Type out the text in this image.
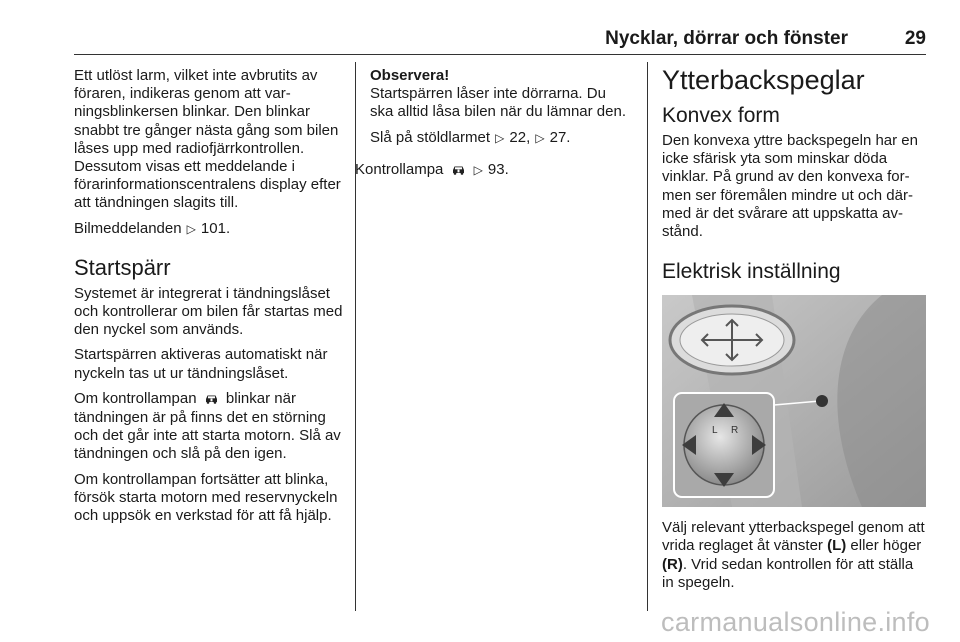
Nycklar, dörrar och fönster	29

Ett utlöst larm, vilket inte avbrutits av föraren, indikeras genom att varningsblinkersen blinkar. Den blinkar snabbt tre gånger nästa gång som bilen låses upp med radiofjärrkontrollen. Dessutom visas ett meddelande i förarinformationscentralens display efter att tändningen slagits till.

Bilmeddelanden ▷ 101.

Startspärr

Systemet är integrerat i tändningslåset och kontrollerar om bilen får startas med den nyckel som används.

Startspärren aktiveras automatiskt när nyckeln tas ut ur tändningslåset.

Om kontrollampan blinkar när tändningen är på finns det en störning och det går inte att starta motorn. Slå av tändningen och slå på den igen.

Om kontrollampan fortsätter att blinka, försök starta motorn med reservnyckeln och uppsök en verkstad för att få hjälp.

Observera!
Startspärren låser inte dörrarna. Du ska alltid låsa bilen när du lämnar den.

Slå på stöldlarmet ▷ 22, ▷ 27.

Kontrollampa	▷ 93.

Ytterbackspeglar
Konvex form

Den konvexa yttre backspegeln har en icke sfärisk yta som minskar döda vinklar. På grund av den konvexa formen ser föremålen mindre ut och därmed är det svårare att uppskatta avstånd.

Elektrisk inställning
L R

Välj relevant ytterbackspegel genom att vrida reglaget åt vänster (L) eller höger (R). Vrid sedan kontrollen för att ställa in spegeln.

carmanualsonline.info
